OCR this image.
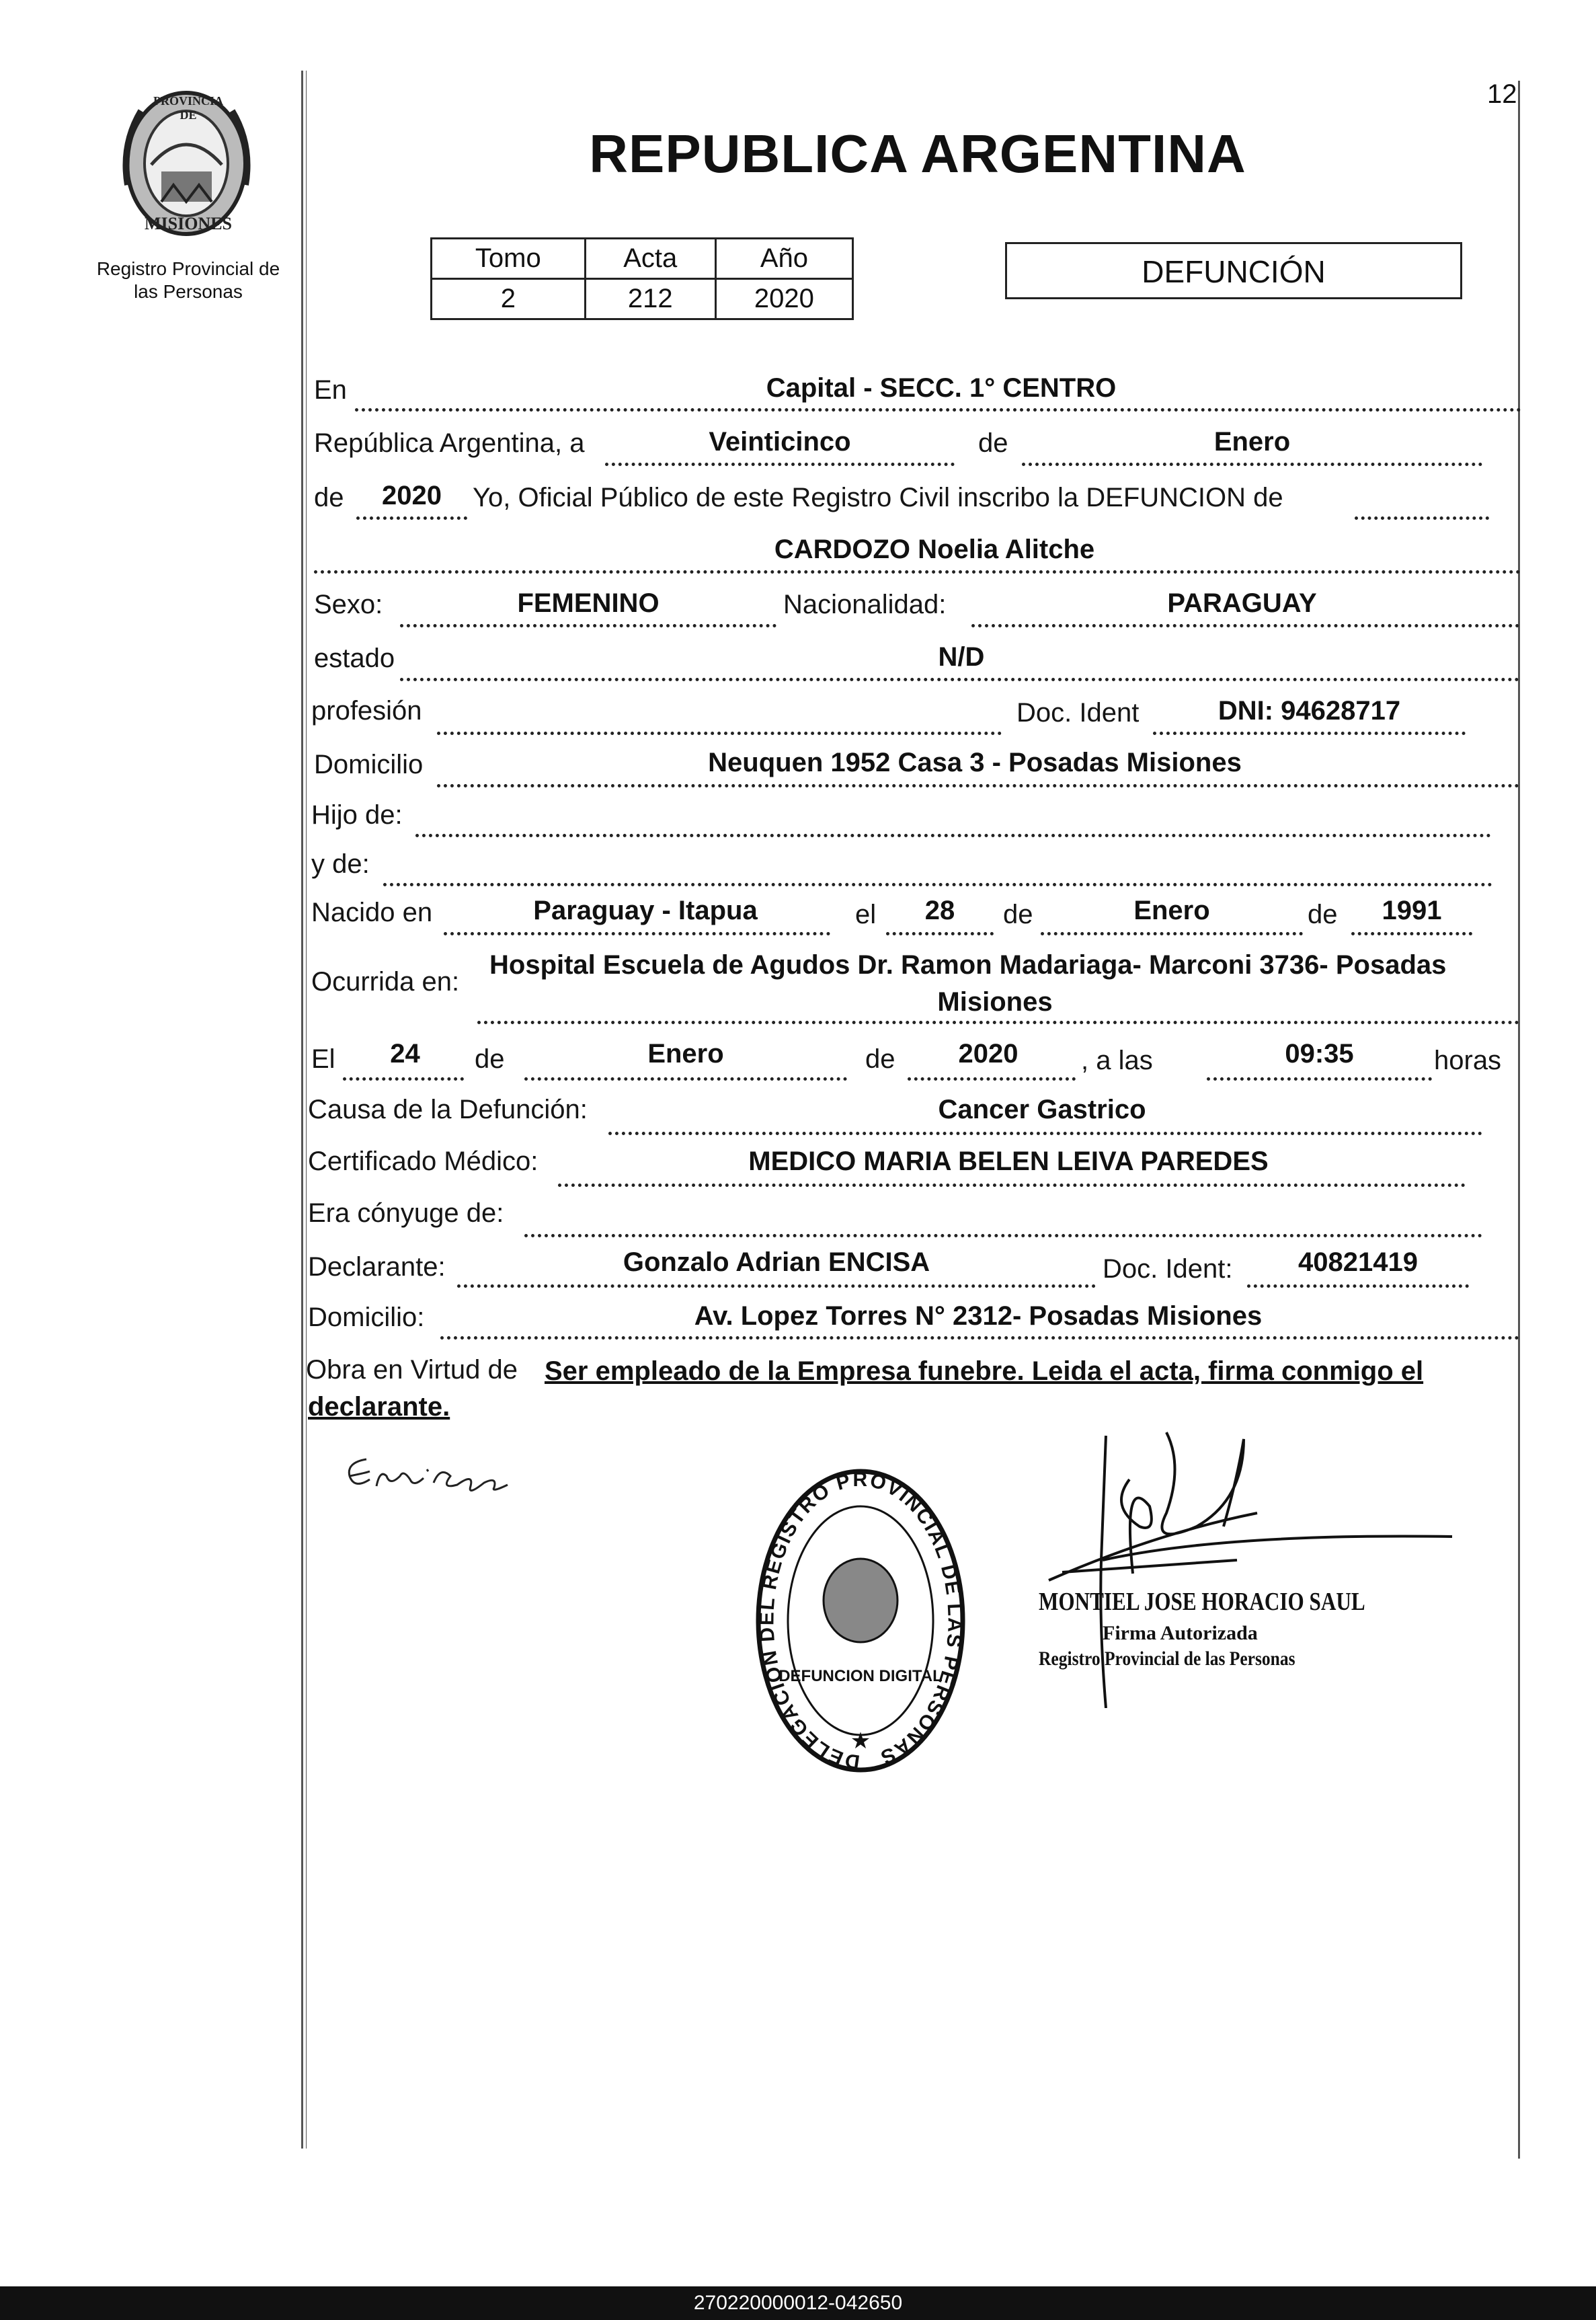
12
PROVINCIA DE
MISIONES
Registro Provincial de las Personas
REPUBLICA ARGENTINA
Tomo	Acta	Año
2	212	2020
DEFUNCIÓN
En	Capital - SECC. 1° CENTRO
República Argentina, a	Veinticinco	de	Enero
de	2020	Yo, Oficial Público de este Registro Civil inscribo la DEFUNCION de
CARDOZO Noelia Alitche
Sexo:	FEMENINO	Nacionalidad:	PARAGUAY
estado	N/D
profesión	Doc. Ident	DNI: 94628717
Domicilio	Neuquen 1952 Casa 3 - Posadas Misiones
Hijo de:
y de:
Nacido en	Paraguay - Itapua	el	28	de	Enero	de	1991
Ocurrida en:
Hospital Escuela de Agudos Dr. Ramon Madariaga- Marconi 3736- Posadas
Misiones
El	24	de	Enero	de	2020	, a las	09:35	horas
Causa de la Defunción:	Cancer Gastrico
Certificado Médico:	MEDICO MARIA BELEN LEIVA PAREDES
Era cónyuge de:
Declarante:	Gonzalo Adrian ENCISA	Doc. Ident:	40821419
Domicilio:	Av. Lopez Torres N° 2312- Posadas Misiones
Obra en Virtud de Ser empleado de la Empresa funebre. Leida el acta, firma conmigo el
declarante.
DELEGACION DEL REGISTRO PROVINCIAL DE LAS PERSONAS
DEFUNCION DIGITAL
★
MONTIEL JOSE HORACIO SAUL
Firma Autorizada
Registro Provincial de las Personas
270220000012-042650
